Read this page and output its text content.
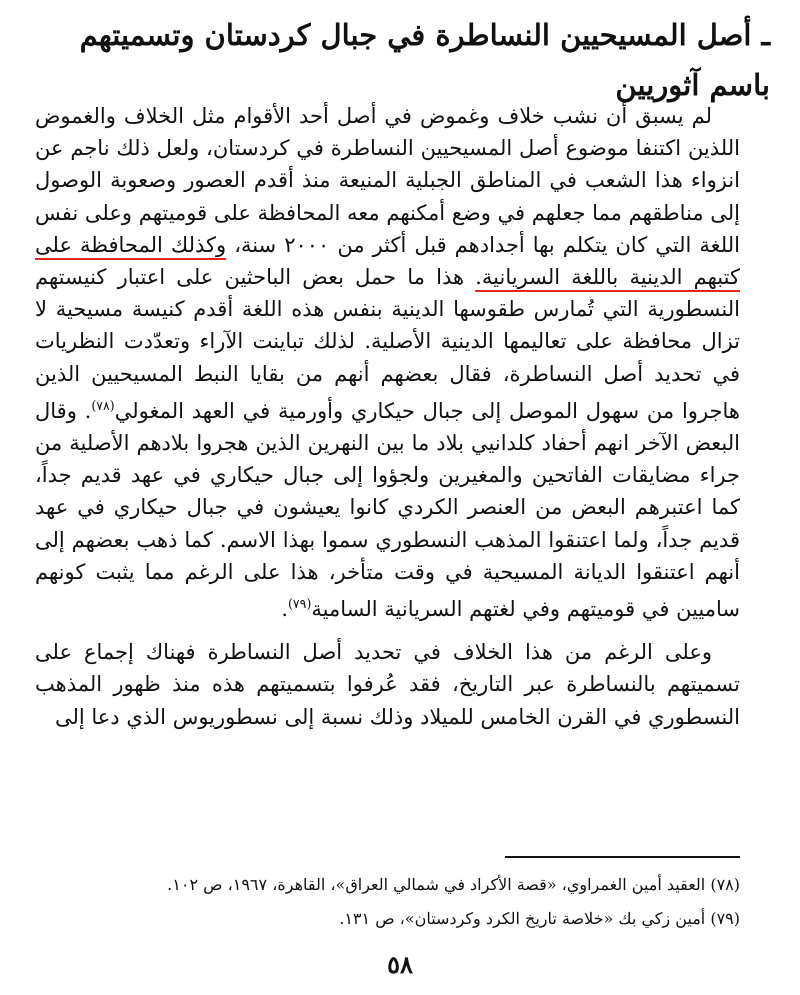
ـ أصل المسيحيين النساطرة في جبال كردستان وتسميتهم باسم آثوريين

لم يسبق أن نشب خلاف وغموض في أصل أحد الأقوام مثل الخلاف والغموض اللذين اكتنفا موضوع أصل المسيحيين النساطرة في كردستان، ولعل ذلك ناجم عن انزواء هذا الشعب في المناطق الجبلية المنيعة منذ أقدم العصور وصعوبة الوصول إلى مناطقهم مما جعلهم في وضع أمكنهم معه المحافظة على قوميتهم وعلى نفس اللغة التي كان يتكلم بها أجدادهم قبل أكثر من ٢٠٠٠ سنة، وكذلك المحافظة على كتبهم الدينية باللغة السريانية. هذا ما حمل بعض الباحثين على اعتبار كنيستهم النسطورية التي تُمارس طقوسها الدينية بنفس هذه اللغة أقدم كنيسة مسيحية لا تزال محافظة على تعاليمها الدينية الأصلية. لذلك تباينت الآراء وتعدّدت النظريات في تحديد أصل النساطرة، فقال بعضهم أنهم من بقايا النبط المسيحيين الذين هاجروا من سهول الموصل إلى جبال حيكاري وأورمية في العهد المغولي$^{(٧٨)}$. وقال البعض الآخر انهم أحفاد كلدانيي بلاد ما بين النهرين الذين هجروا بلادهم الأصلية من جراء مضايقات الفاتحين والمغيرين ولجؤوا إلى جبال حيكاري في عهد قديم جداً، كما اعتبرهم البعض من العنصر الكردي كانوا يعيشون في جبال حيكاري في عهد قديم جداً، ولما اعتنقوا المذهب النسطوري سموا بهذا الاسم. كما ذهب بعضهم إلى أنهم اعتنقوا الديانة المسيحية في وقت متأخر، هذا على الرغم مما يثبت كونهم ساميين في قوميتهم وفي لغتهم السريانية السامية$^{(٧٩)}$.

وعلى الرغم من هذا الخلاف في تحديد أصل النساطرة فهناك إجماع على تسميتهم بالنساطرة عبر التاريخ، فقد عُرفوا بتسميتهم هذه منذ ظهور المذهب النسطوري في القرن الخامس للميلاد وذلك نسبة إلى نسطوريوس الذي دعا إلى

(٧٨) العقيد أمين الغمراوي، «قصة الأكراد في شمالي العراق»، القاهرة، ١٩٦٧، ص ١٠٢.
(٧٩) أمين زكي بك «خلاصة تاريخ الكرد وكردستان»، ص ١٣١.
٥٨
